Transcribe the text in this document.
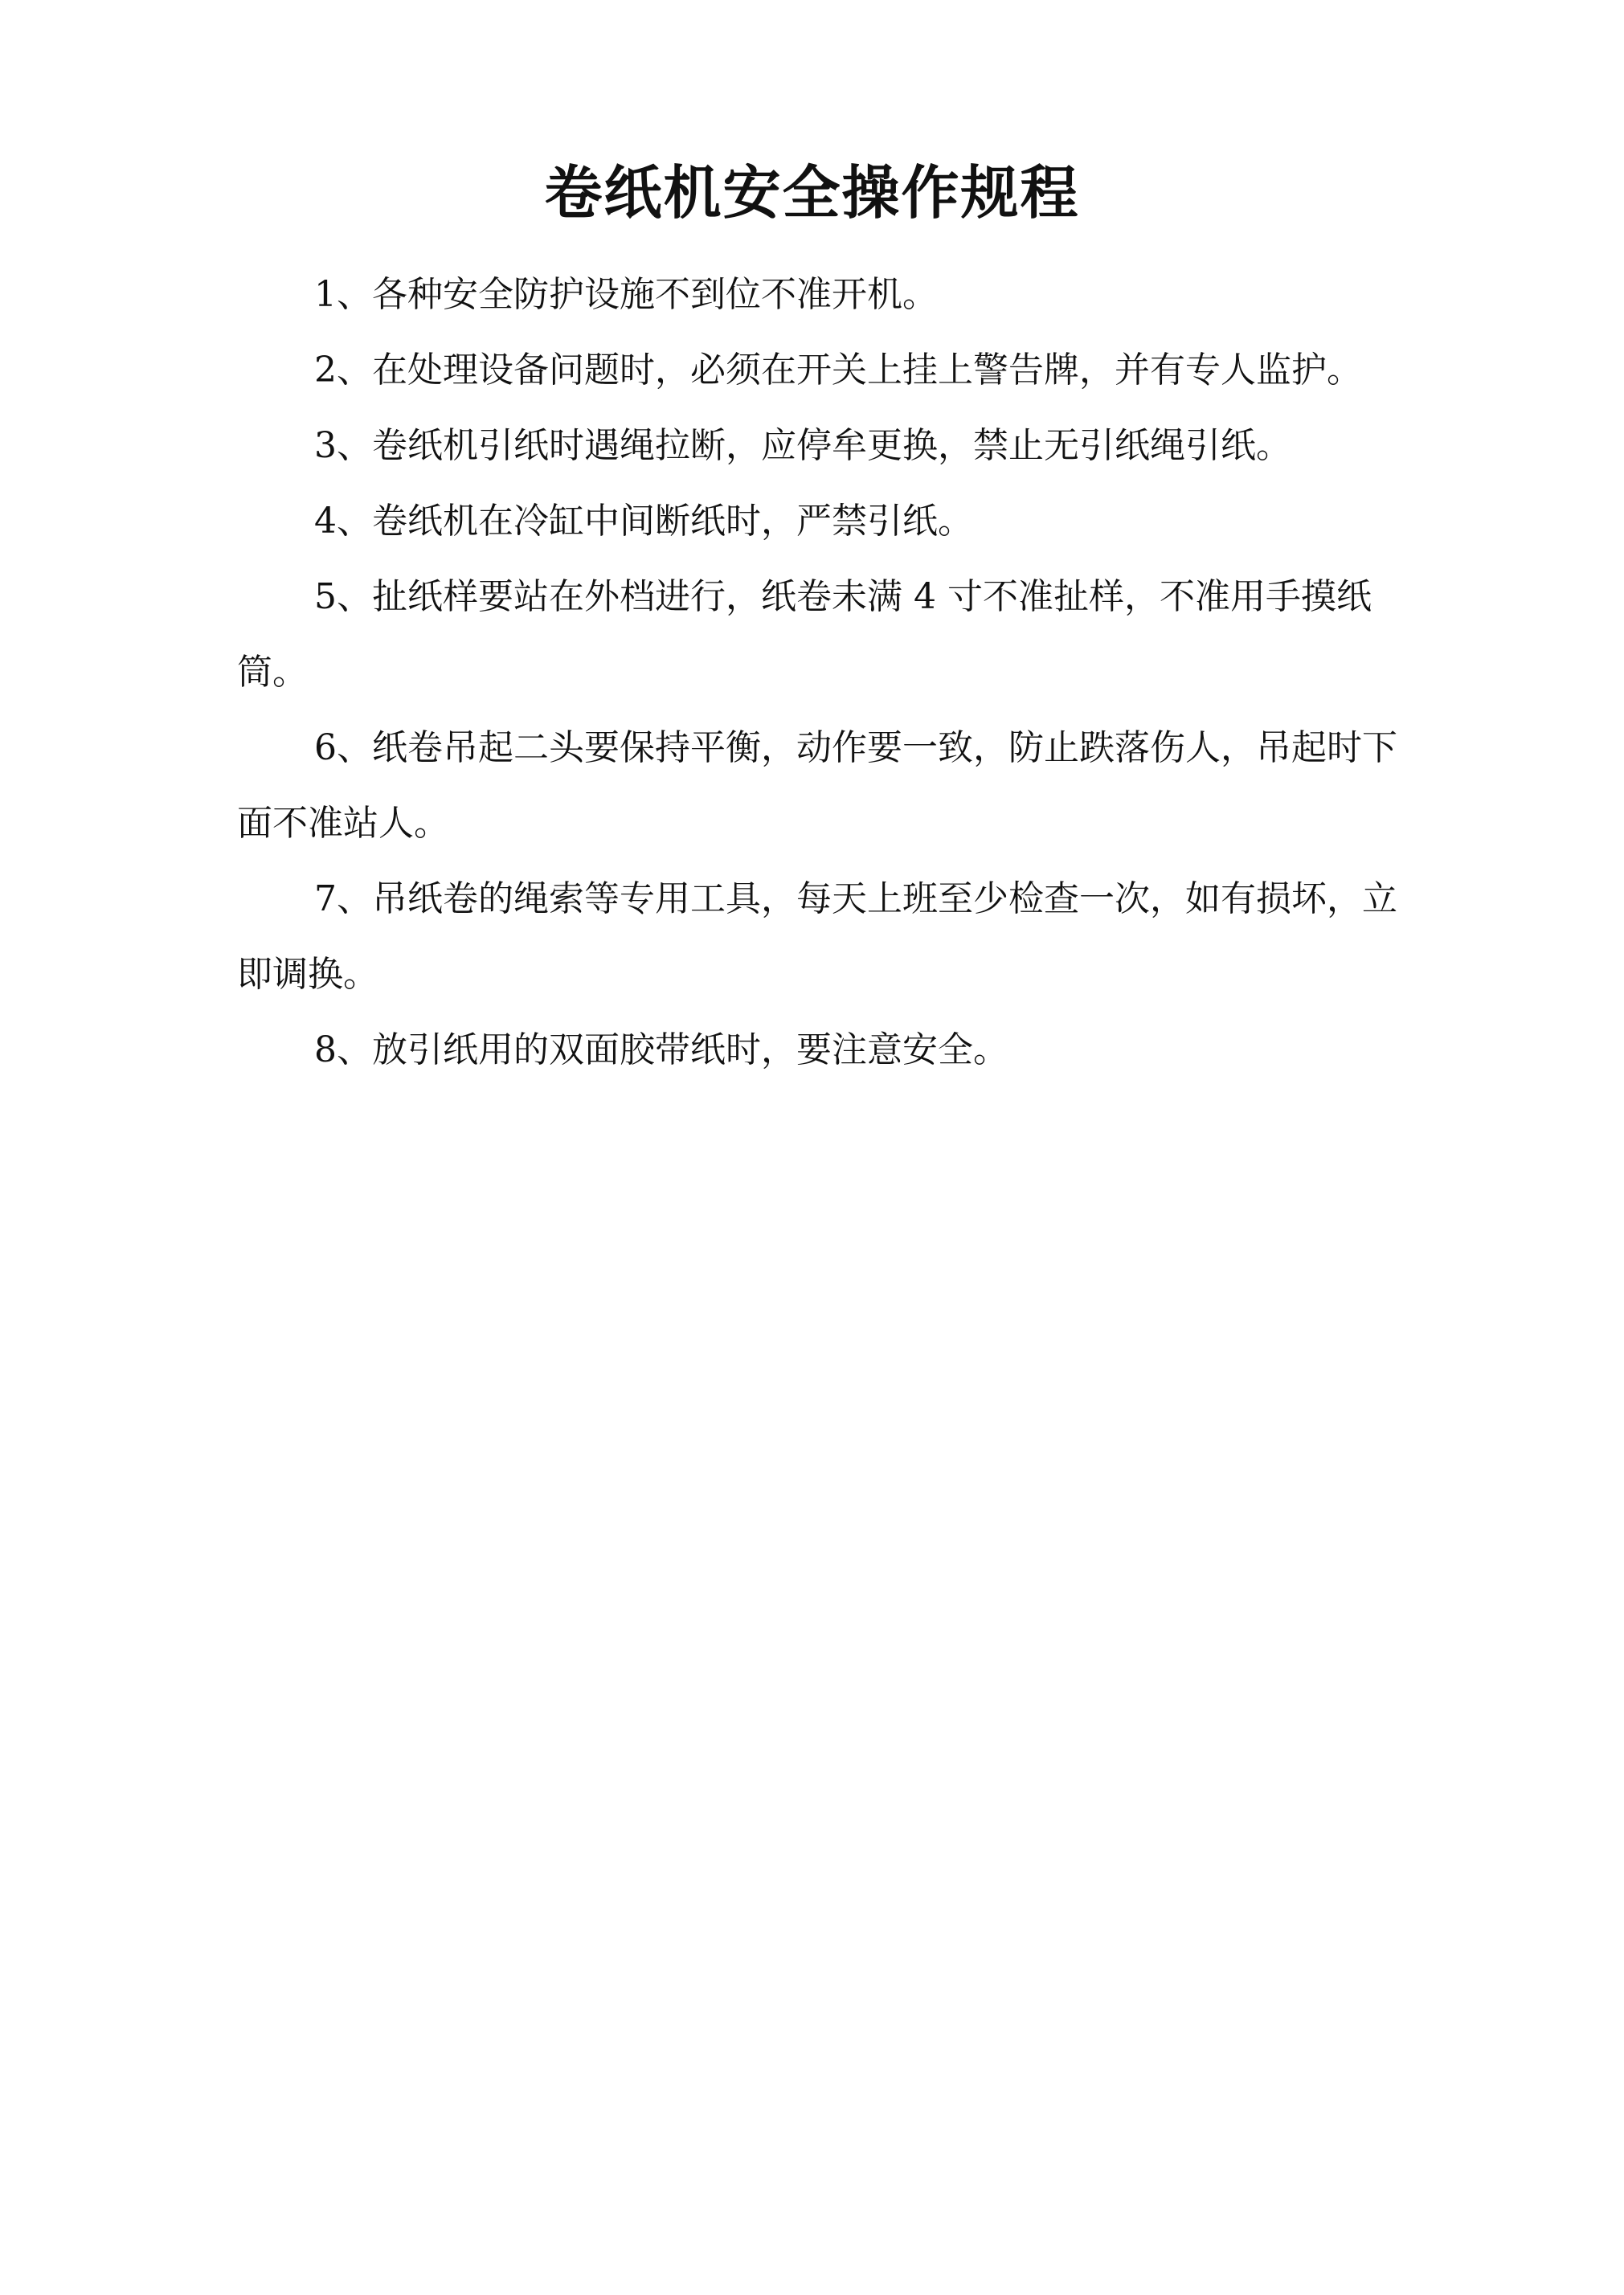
卷纸机安全操作规程

1、各种安全防护设施不到位不准开机。

2、在处理设备问题时，必须在开关上挂上警告牌，并有专人监护。

3、卷纸机引纸时遇绳拉断，应停牟更换，禁止无引纸绳引纸。

4、卷纸机在冷缸中间断纸时，严禁引纸。

5、扯纸样要站在外档进行，纸卷未满 4 寸不准扯样，不准用手摸纸筒。

6、纸卷吊起二头要保持平衡，动作要一致，防止跌落伤人，吊起时下面不准站人。

7、吊纸卷的绳索等专用工具，每天上班至少检查一次，如有损坏，立即调换。

8、放引纸用的双面胶带纸时，要注意安全。
